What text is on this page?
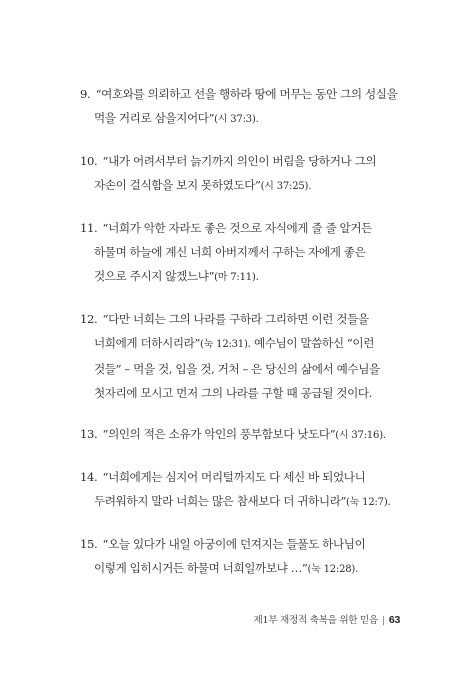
9. “여호와를 의뢰하고 선을 행하라 땅에 머무는 동안 그의 성실을 먹을 거리로 삼을지어다”(시 37:3).

10. “내가 어려서부터 늙기까지 의인이 버림을 당하거나 그의 자손이 걸식함을 보지 못하였도다”(시 37:25).

11. “너희가 악한 자라도 좋은 것으로 자식에게 줄 줄 알거든 하물며 하늘에 계신 너희 아버지께서 구하는 자에게 좋은 것으로 주시지 않겠느냐”(마 7:11).

12. “다만 너희는 그의 나라를 구하라 그리하면 이런 것들을 너희에게 더하시리라”(눅 12:31). 예수님이 말씀하신 “이런 것들” – 먹을 것, 입을 것, 거처 – 은 당신의 삶에서 예수님을 첫자리에 모시고 먼저 그의 나라를 구할 때 공급될 것이다.

13. “의인의 적은 소유가 악인의 풍부함보다 낫도다”(시 37:16).

14. “너희에게는 심지어 머리털까지도 다 세신 바 되었나니 두려워하지 말라 너희는 많은 참새보다 더 귀하니라”(눅 12:7).

15. “오늘 있다가 내일 아궁이에 던져지는 들풀도 하나님이 이렇게 입히시거든 하물며 너희일까보냐 …”(눅 12:28).

제1부 재정적 축복을 위한 믿음 | 63
